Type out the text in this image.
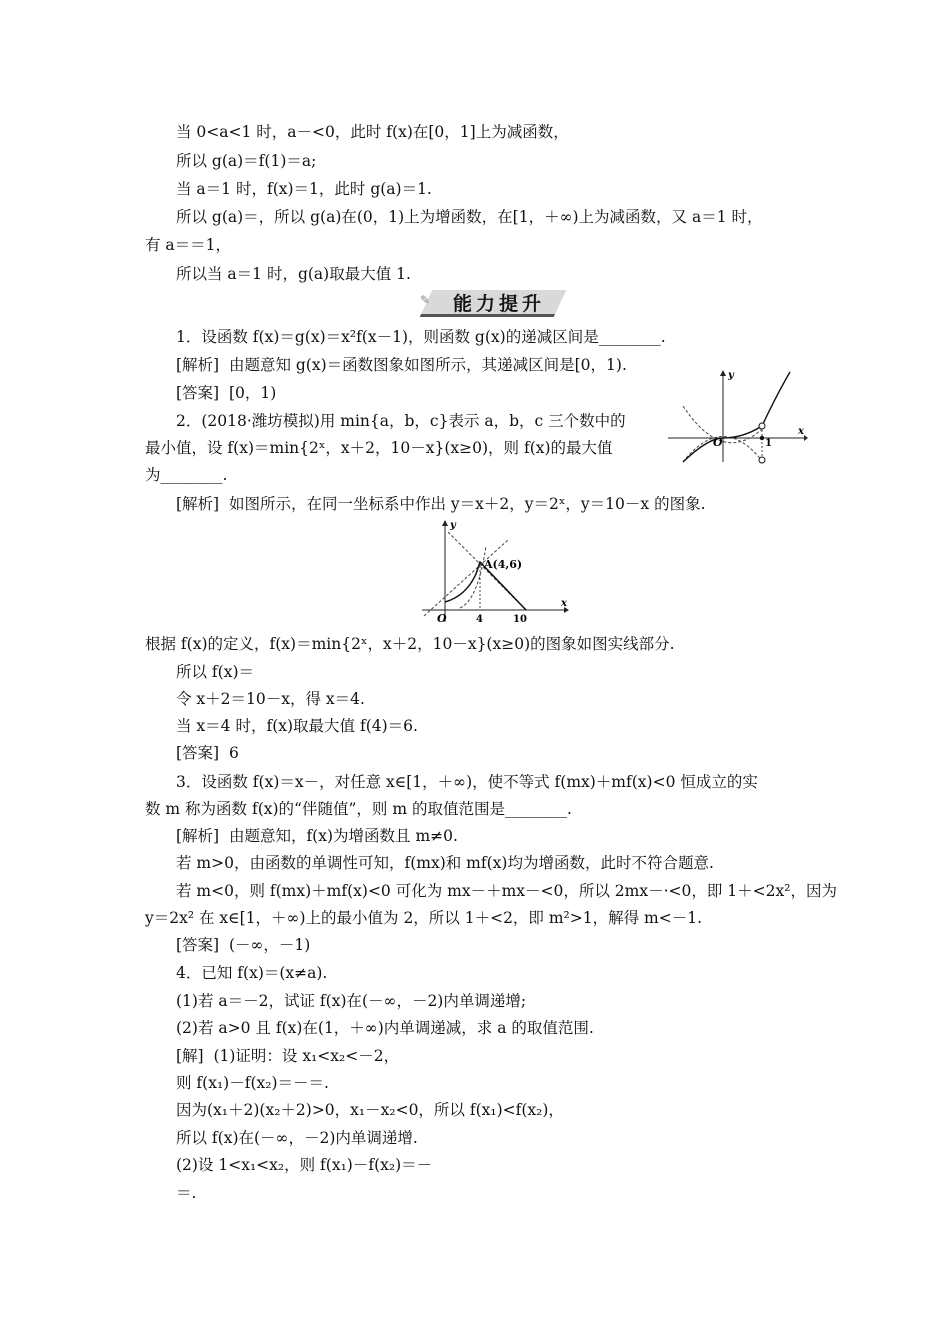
当 0<a<1 时，a－<0，此时 f(x)在[0，1]上为减函数，
所以 g(a)＝f(1)＝a;
当 a＝1 时，f(x)＝1，此时 g(a)＝1.
所以 g(a)＝，所以 g(a)在(0，1)上为增函数，在[1，＋∞)上为减函数，又 a＝1 时，
有 a＝＝1，
所以当 a＝1 时，g(a)取最大值 1.
✎	能力提升
1．设函数 f(x)＝g(x)＝x²f(x－1)，则函数 g(x)的递减区间是________.
[解析]  由题意知 g(x)＝函数图象如图所示，其递减区间是[0，1).
[答案]  [0，1)
O
x
y
1
2．(2018·潍坊模拟)用 min{a，b，c}表示 a，b，c 三个数中的
最小值，设 f(x)＝min{2ˣ，x＋2，10－x}(x≥0)，则 f(x)的最大值
为________.
[解析]  如图所示，在同一坐标系中作出 y＝x＋2，y＝2ˣ，y＝10－x 的图象.
O
x
y
A(4,6)
4	10
根据 f(x)的定义，f(x)＝min{2ˣ，x＋2，10－x}(x≥0)的图象如图实线部分.
所以 f(x)＝
令 x＋2＝10－x，得 x＝4.
当 x＝4 时，f(x)取最大值 f(4)＝6.
[答案]  6
3．设函数 f(x)＝x－，对任意 x∈[1，＋∞)，使不等式 f(mx)＋mf(x)<0 恒成立的实
数 m 称为函数 f(x)的“伴随值”，则 m 的取值范围是________.
[解析]  由题意知，f(x)为增函数且 m≠0.
若 m>0，由函数的单调性可知，f(mx)和 mf(x)均为增函数，此时不符合题意.
若 m<0，则 f(mx)＋mf(x)<0 可化为 mx－＋mx－<0，所以 2mx－·<0，即 1＋<2x²，因为
y＝2x² 在 x∈[1，＋∞)上的最小值为 2，所以 1＋<2，即 m²>1，解得 m<－1.
[答案]  (－∞，－1)
4．已知 f(x)＝(x≠a).
(1)若 a＝－2，试证 f(x)在(－∞，－2)内单调递增;
(2)若 a>0 且 f(x)在(1，＋∞)内单调递减，求 a 的取值范围.
[解]  (1)证明：设 x₁<x₂<－2，
则 f(x₁)－f(x₂)＝－＝.
因为(x₁＋2)(x₂＋2)>0，x₁－x₂<0，所以 f(x₁)<f(x₂)，
所以 f(x)在(－∞，－2)内单调递增.
(2)设 1<x₁<x₂，则 f(x₁)－f(x₂)＝－
＝.
